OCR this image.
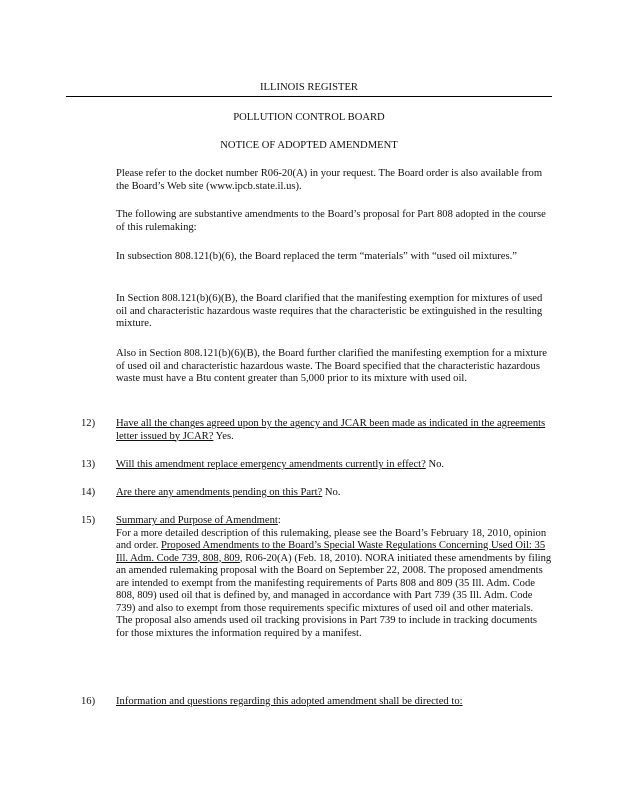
ILLINOIS REGISTER
POLLUTION CONTROL BOARD
NOTICE OF ADOPTED AMENDMENT

Please refer to the docket number R06-20(A) in your request. The Board order is also available from the Board’s Web site (www.ipcb.state.il.us).

The following are substantive amendments to the Board’s proposal for Part 808 adopted in the course of this rulemaking:

In subsection 808.121(b)(6), the Board replaced the term “materials” with “used oil mixtures.”

In Section 808.121(b)(6)(B), the Board clarified that the manifesting exemption for mixtures of used oil and characteristic hazardous waste requires that the characteristic be extinguished in the resulting mixture.

Also in Section 808.121(b)(6)(B), the Board further clarified the manifesting exemption for a mixture of used oil and characteristic hazardous waste. The Board specified that the characteristic hazardous waste must have a Btu content greater than 5,000 prior to its mixture with used oil.

12) Have all the changes agreed upon by the agency and JCAR been made as indicated in the agreements letter issued by JCAR? Yes.

13) Will this amendment replace emergency amendments currently in effect? No.

14) Are there any amendments pending on this Part? No.

15) Summary and Purpose of Amendment:
For a more detailed description of this rulemaking, please see the Board’s February 18, 2010, opinion and order. Proposed Amendments to the Board’s Special Waste Regulations Concerning Used Oil: 35 Ill. Adm. Code 739, 808, 809, R06-20(A) (Feb. 18, 2010). NORA initiated these amendments by filing an amended rulemaking proposal with the Board on September 22, 2008. The proposed amendments are intended to exempt from the manifesting requirements of Parts 808 and 809 (35 Ill. Adm. Code 808, 809) used oil that is defined by, and managed in accordance with Part 739 (35 Ill. Adm. Code 739) and also to exempt from those requirements specific mixtures of used oil and other materials. The proposal also amends used oil tracking provisions in Part 739 to include in tracking documents for those mixtures the information required by a manifest.

16) Information and questions regarding this adopted amendment shall be directed to:
